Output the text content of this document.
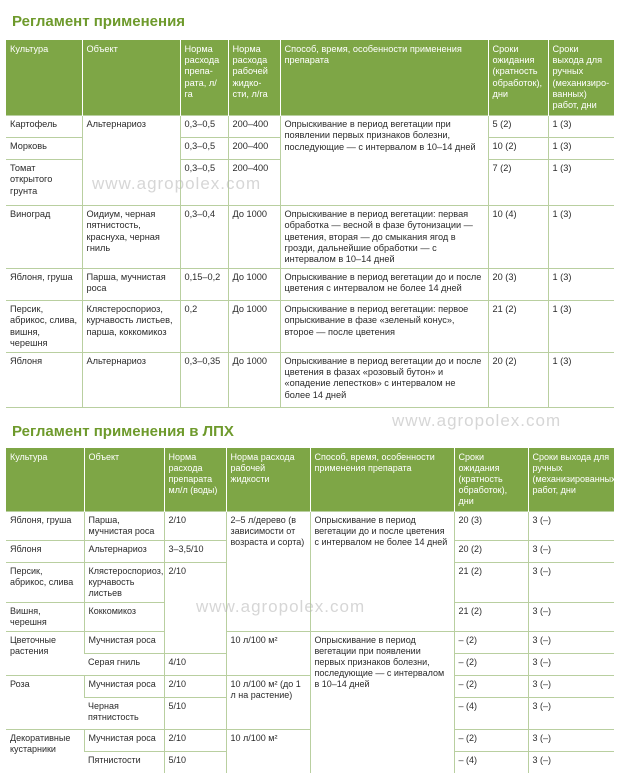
Регламент применения
Культура	Объект	Норма расхода препа-рата, л/га	Норма расхода рабочей жидко-сти, л/га	Способ, время, особенности применения препарата	Сроки ожидания (кратность обработок), дни	Сроки выхода для ручных (механизиро-ванных) работ, дни
Картофель	Альтернариоз	0,3–0,5	200–400	Опрыскивание в период вегетации при появлении первых признаков болезни, последующие — с интервалом в 10–14 дней	5 (2)	1 (3)
Морковь		0,3–0,5	200–400		10 (2)	1 (3)
Томат открытого грунта		0,3–0,5	200–400		7 (2)	1 (3)
Виноград	Оидиум, черная пятнистость, краснуха, черная гниль	0,3–0,4	До 1000	Опрыскивание в период вегетации: первая обработка — весной в фазе бутонизации — цветения, вторая — до смыкания ягод в грозди, дальнейшие обработки — с интервалом в 10–14 дней	10 (4)	1 (3)
Яблоня, груша	Парша, мучнистая роса	0,15–0,2	До 1000	Опрыскивание в период вегетации до и после цветения с интервалом не более 14 дней	20 (3)	1 (3)
Персик, абрикос, слива, вишня, черешня	Клястероспориоз, курчавость листьев, парша, коккомикоз	0,2	До 1000	Опрыскивание в период вегетации: первое опрыскивание в фазе «зеленый конус», второе — после цветения	21 (2)	1 (3)
Яблоня	Альтернариоз	0,3–0,35	До 1000	Опрыскивание в период вегетации до и после цветения в фазах «розовый бутон» и «опадение лепестков» с интервалом не более 14 дней	20 (2)	1 (3)
Регламент применения в ЛПХ
Культура	Объект	Норма расхода препарата мл/л (воды)	Норма расхода рабочей жидкости	Способ, время, особенности применения препарата	Сроки ожидания (кратность обработок), дни	Сроки выхода для ручных (механизированных) работ, дни
Яблоня, груша	Парша, мучнистая роса	2/10	2–5 л/дерево (в зависимости от возраста и сорта)	Опрыскивание в период вегетации до и после цветения с интервалом не более 14 дней	20 (3)	3 (–)
Яблоня	Альтернариоз	3–3,5/10			20 (2)	3 (–)
Персик, абрикос, слива	Клястероспориоз, курчавость листьев	2/10			21 (2)	3 (–)
Вишня, черешня	Коккомикоз				21 (2)	3 (–)
Цветочные растения	Мучнистая роса		10 л/100 м²	Опрыскивание в период вегетации при появлении первых признаков болезни, последующие — с интервалом в 10–14 дней	– (2)	3 (–)
	Серая гниль	4/10			– (2)	3 (–)
Роза	Мучнистая роса	2/10	10 л/100 м² (до 1 л на растение)		– (2)	3 (–)
	Черная пятнистость	5/10			– (4)	3 (–)
Декоративные кустарники	Мучнистая роса	2/10	10 л/100 м²		– (2)	3 (–)
	Пятнистости	5/10			– (4)	3 (–)
www.agropolex.com
www.agropolex.com
www.agropolex.com
